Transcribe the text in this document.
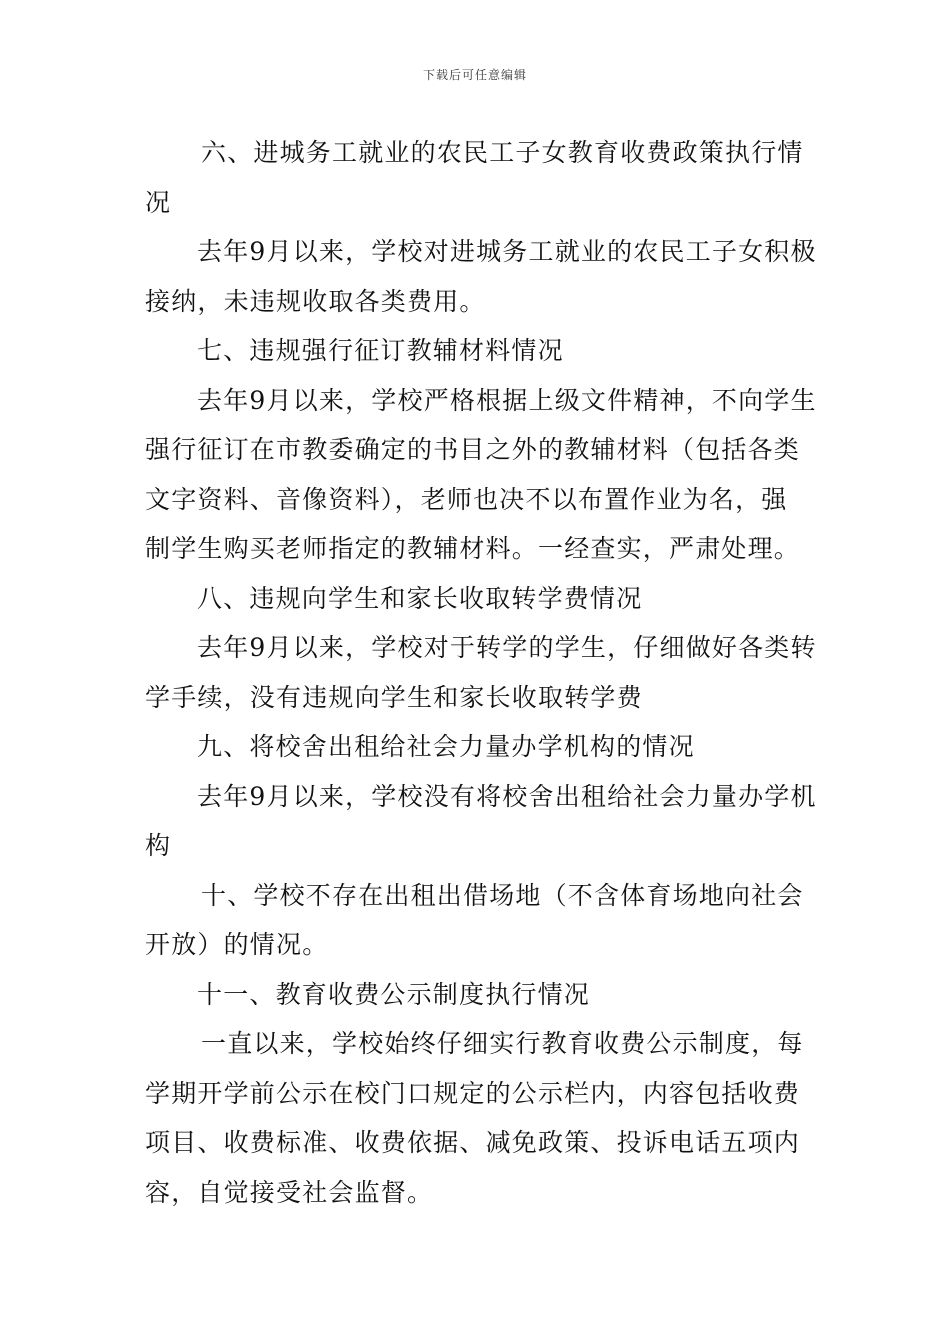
下载后可任意编辑
六、进城务工就业的农民工子女教育收费政策执行情
况
去年9月以来，学校对进城务工就业的农民工子女积极
接纳，未违规收取各类费用。
七、违规强行征订教辅材料情况
去年9月以来，学校严格根据上级文件精神，不向学生
强行征订在市教委确定的书目之外的教辅材料（包括各类
文字资料、音像资料），老师也决不以布置作业为名，强
制学生购买老师指定的教辅材料。一经查实，严肃处理。
八、违规向学生和家长收取转学费情况
去年9月以来，学校对于转学的学生，仔细做好各类转
学手续，没有违规向学生和家长收取转学费
九、将校舍出租给社会力量办学机构的情况
去年9月以来，学校没有将校舍出租给社会力量办学机
构
十、学校不存在出租出借场地（不含体育场地向社会
开放）的情况。
十一、教育收费公示制度执行情况
一直以来，学校始终仔细实行教育收费公示制度，每
学期开学前公示在校门口规定的公示栏内，内容包括收费
项目、收费标准、收费依据、减免政策、投诉电话五项内
容，自觉接受社会监督。
